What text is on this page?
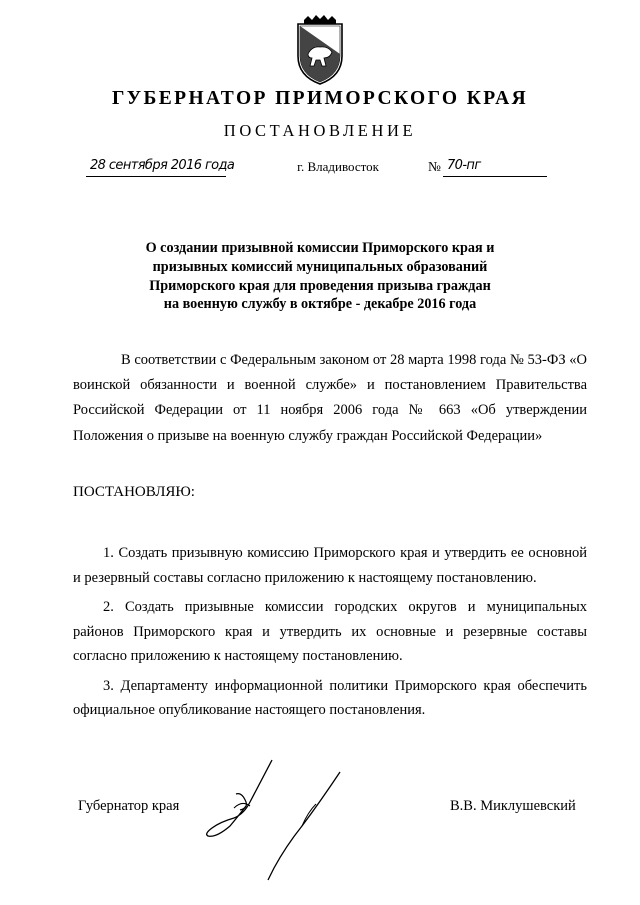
ГУБЕРНАТОР ПРИМОРСКОГО КРАЯ
ПОСТАНОВЛЕНИЕ
28 сентября 2016 года	г. Владивосток	№ 70-пг
О создании призывной комиссии Приморского края и
призывных комиссий муниципальных образований
Приморского края для проведения призыва граждан
на военную службу в октябре - декабре 2016 года
В соответствии с Федеральным законом от 28 марта 1998 года № 53-ФЗ «О воинской обязанности и военной службе» и постановлением Правительства Российской Федерации от 11 ноября 2006 года № 663 «Об утверждении Положения о призыве на военную службу граждан Российской Федерации»
ПОСТАНОВЛЯЮ:

1. Создать призывную комиссию Приморского края и утвердить ее основной и резервный составы согласно приложению к настоящему постановлению.

2. Создать призывные комиссии городских округов и муниципальных районов Приморского края и утвердить их основные и резервные составы согласно приложению к настоящему постановлению.

3. Департаменту информационной политики Приморского края обеспечить официальное опубликование настоящего постановления.

Губернатор края	В.В. Миклушевский
